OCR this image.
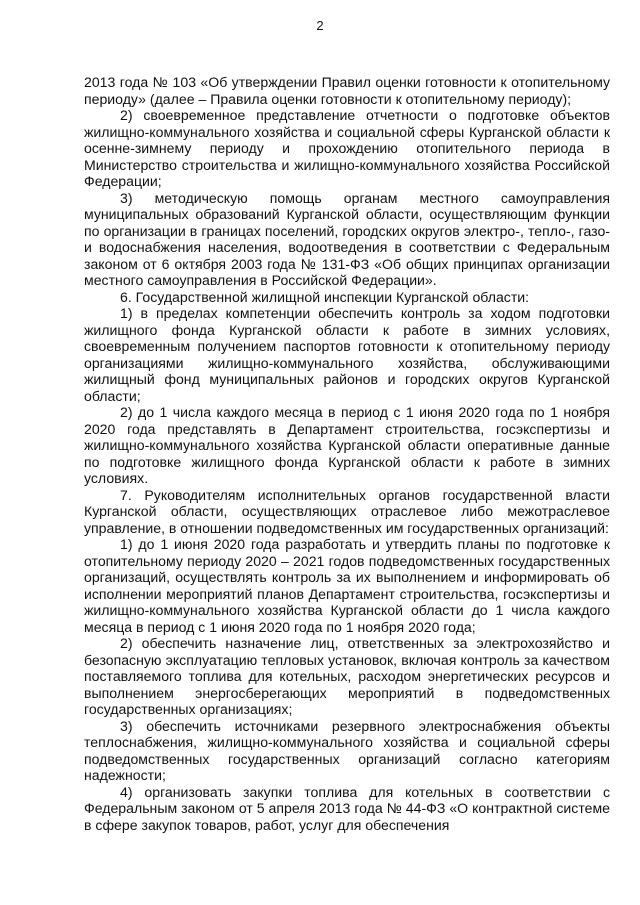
2

2013 года № 103 «Об утверждении Правил оценки готовности к отопительному периоду» (далее – Правила оценки готовности к отопительному периоду);

2) своевременное представление отчетности о подготовке объектов жилищно-коммунального хозяйства и социальной сферы Курганской области к осенне-зимнему периоду и прохождению отопительного периода в Министерство строительства и жилищно-коммунального хозяйства Российской Федерации;

3) методическую помощь органам местного самоуправления муниципальных образований Курганской области, осуществляющим функции по организации в границах поселений, городских округов электро-, тепло-, газо- и водоснабжения населения, водоотведения в соответствии с Федеральным законом от 6 октября 2003 года № 131-ФЗ «Об общих принципах организации местного самоуправления в Российской Федерации».

6. Государственной жилищной инспекции Курганской области:

1) в пределах компетенции обеспечить контроль за ходом подготовки жилищного фонда Курганской области к работе в зимних условиях, своевременным получением паспортов готовности к отопительному периоду организациями жилищно-коммунального хозяйства, обслуживающими жилищный фонд муниципальных районов и городских округов Курганской области;

2) до 1 числа каждого месяца в период с 1 июня 2020 года по 1 ноября 2020 года представлять в Департамент строительства, госэкспертизы и жилищно-коммунального хозяйства Курганской области оперативные данные по подготовке жилищного фонда Курганской области к работе в зимних условиях.

7. Руководителям исполнительных органов государственной власти Курганской области, осуществляющих отраслевое либо межотраслевое управление, в отношении подведомственных им государственных организаций:

1) до 1 июня 2020 года разработать и утвердить планы по подготовке к отопительному периоду 2020 – 2021 годов подведомственных государственных организаций, осуществлять контроль за их выполнением и информировать об исполнении мероприятий планов Департамент строительства, госэкспертизы и жилищно-коммунального хозяйства Курганской области до 1 числа каждого месяца в период с 1 июня 2020 года по 1 ноября 2020 года;

2) обеспечить назначение лиц, ответственных за электрохозяйство и безопасную эксплуатацию тепловых установок, включая контроль за качеством поставляемого топлива для котельных, расходом энергетических ресурсов и выполнением энергосберегающих мероприятий в подведомственных государственных организациях;

3) обеспечить источниками резервного электроснабжения объекты теплоснабжения, жилищно-коммунального хозяйства и социальной сферы подведомственных государственных организаций согласно категориям надежности;

4) организовать закупки топлива для котельных в соответствии с Федеральным законом от 5 апреля 2013 года № 44-ФЗ «О контрактной системе в сфере закупок товаров, работ, услуг для обеспечения
